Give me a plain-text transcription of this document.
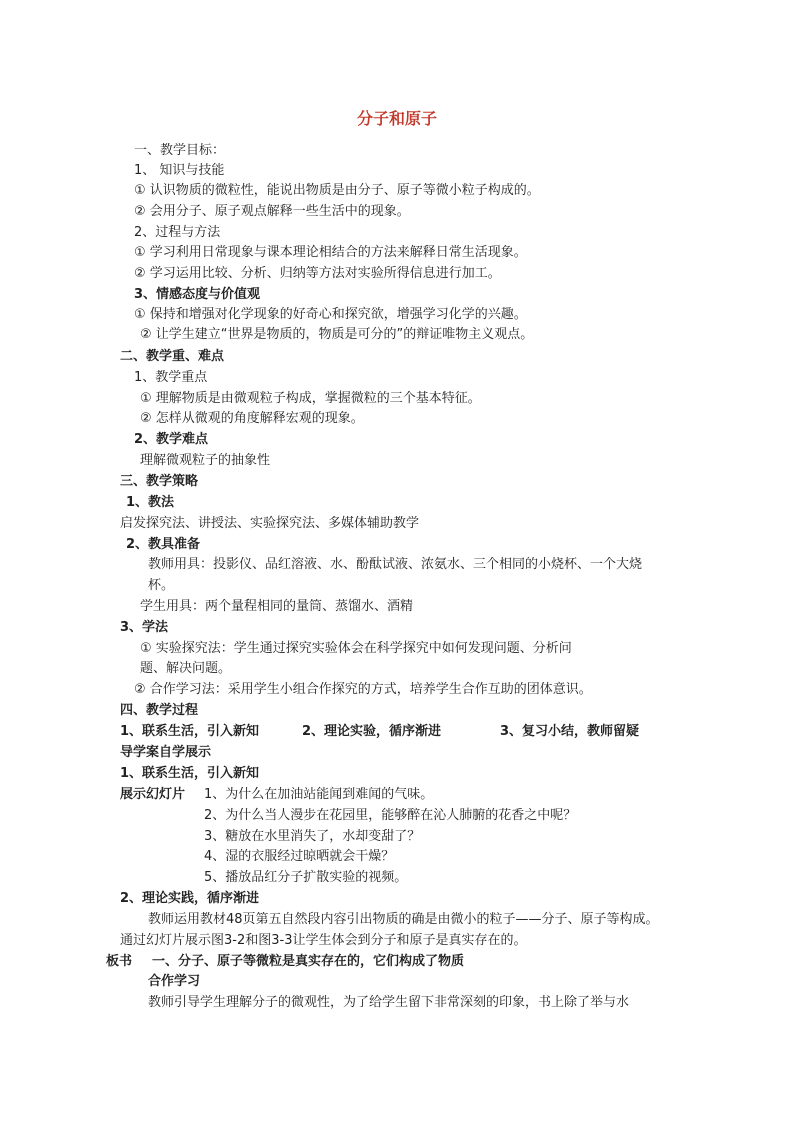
分子和原子
一、教学目标：
1、 知识与技能
① 认识物质的微粒性，能说出物质是由分子、原子等微小粒子构成的。
② 会用分子、原子观点解释一些生活中的现象。
2、过程与方法
① 学习利用日常现象与课本理论相结合的方法来解释日常生活现象。
② 学习运用比较、分析、归纳等方法对实验所得信息进行加工。
3、情感态度与价值观
① 保持和增强对化学现象的好奇心和探究欲，增强学习化学的兴趣。
② 让学生建立“世界是物质的，物质是可分的”的辩证唯物主义观点。
二、教学重、难点
1、教学重点
① 理解物质是由微观粒子构成，掌握微粒的三个基本特征。
② 怎样从微观的角度解释宏观的现象。
2、教学难点
理解微观粒子的抽象性
三、教学策略
1、教法
启发探究法、讲授法、实验探究法、多媒体辅助教学
2、教具准备
教师用具：投影仪、品红溶液、水、酚酞试液、浓氨水、三个相同的小烧杯、一个大烧
杯。
学生用具：两个量程相同的量筒、蒸馏水、酒精
3、学法
① 实验探究法：学生通过探究实验体会在科学探究中如何发现问题、分析问
题、解决问题。
② 合作学习法：采用学生小组合作探究的方式，培养学生合作互助的团体意识。
四、教学过程
1、联系生活，引入新知	2、理论实验，循序渐进	3、复习小结，教师留疑
导学案自学展示
1、联系生活，引入新知
展示幻灯片 1、为什么在加油站能闻到难闻的气味。
2、为什么当人漫步在花园里，能够醉在沁人肺腑的花香之中呢？
3、糖放在水里消失了，水却变甜了？
4、湿的衣服经过晾晒就会干燥？
5、播放品红分子扩散实验的视频。
2、理论实践，循序渐进
教师运用教材48页第五自然段内容引出物质的确是由微小的粒子——分子、原子等构成。
通过幻灯片展示图3-2和图3-3让学生体会到分子和原子是真实存在的。
板书 一、分子、原子等微粒是真实存在的，它们构成了物质
合作学习
教师引导学生理解分子的微观性，为了给学生留下非常深刻的印象，书上除了举与水
